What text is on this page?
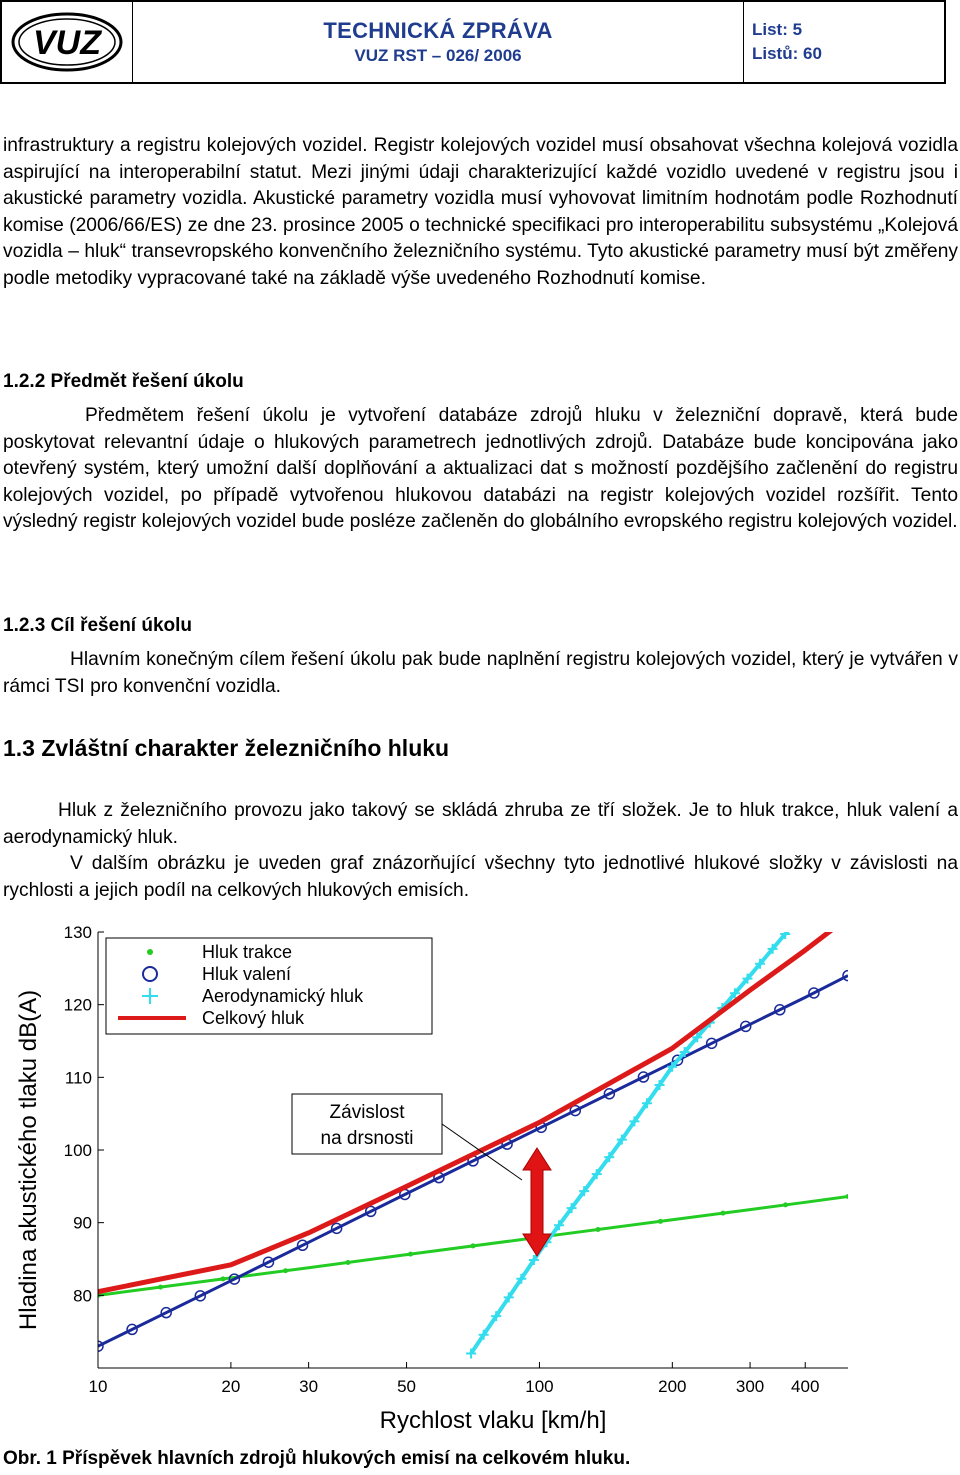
VUZ	TECHNICKÁ ZPRÁVA
VUZ RST – 026/ 2006
List: 5
Listů: 60

infrastruktury a registru kolejových vozidel. Registr kolejových vozidel musí obsahovat všechna kolejová vozidla aspirující na interoperabilní statut. Mezi jinými údaji charakterizující každé vozidlo uvedené v registru jsou i akustické parametry vozidla. Akustické parametry vozidla musí vyhovovat limitním hodnotám podle Rozhodnutí komise (2006/66/ES) ze dne 23. prosince 2005 o technické specifikaci pro interoperabilitu subsystému „Kolejová vozidla – hluk“ transevropského konvenčního železničního systému. Tyto akustické parametry musí být změřeny podle metodiky vypracované také na základě výše uvedeného Rozhodnutí komise.

1.2.2 Předmět řešení úkolu

Předmětem řešení úkolu je vytvoření databáze zdrojů hluku v železniční dopravě, která bude poskytovat relevantní údaje o hlukových parametrech jednotlivých zdrojů. Databáze bude koncipována jako otevřený systém, který umožní další doplňování a aktualizaci dat s možností pozdějšího začlenění do registru kolejových vozidel, po případě vytvořenou hlukovou databázi na registr kolejových vozidel rozšířit. Tento výsledný registr kolejových vozidel bude posléze začleněn do globálního evropského registru kolejových vozidel.

1.2.3 Cíl řešení úkolu

Hlavním konečným cílem řešení úkolu pak bude naplnění registru kolejových vozidel, který je vytvářen v rámci TSI pro konvenční vozidla.

1.3 Zvláštní charakter železničního hluku

Hluk z železničního provozu jako takový se skládá zhruba ze tří složek. Je to hluk trakce, hluk valení a aerodynamický hluk.

V dalším obrázku je uveden graf znázorňující všechny tyto jednotlivé hlukové složky v závislosti na rychlosti a jejich podíl na celkových hlukových emisích.

80
90
100
110
120
130
10	20	30	50	100	200	300 400
Rychlost vlaku [km/h]
Hladina akustického tlaku dB(A)
Hluk trakce
Hluk valení
Aerodynamický hluk
Celkový hluk
Závislost
na drsnosti
Obr. 1 Příspěvek hlavních zdrojů hlukových emisí na celkovém hluku.
